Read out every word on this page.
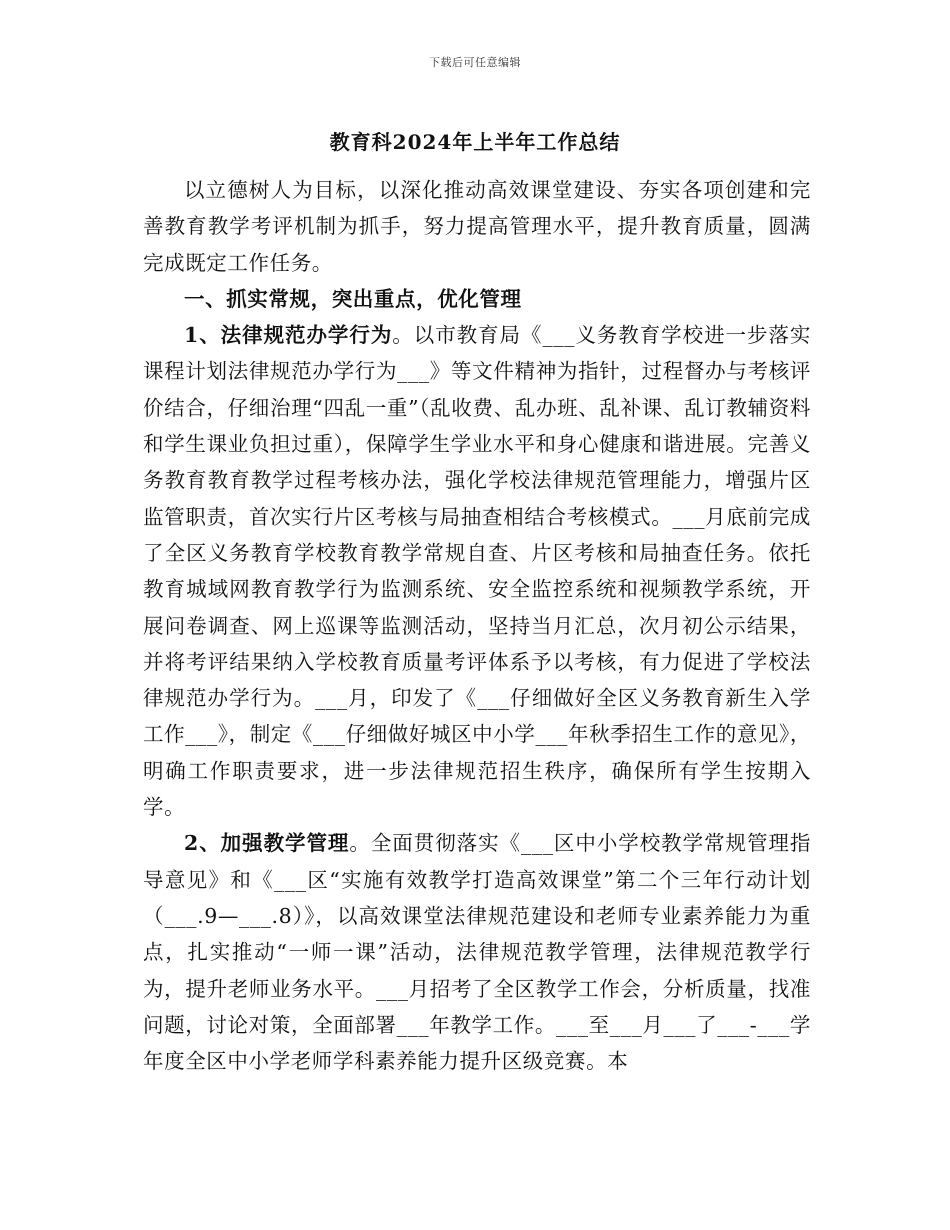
下载后可任意编辑
教育科2024年上半年工作总结

以立德树人为目标，以深化推动高效课堂建设、夯实各项创建和完善教育教学考评机制为抓手，努力提高管理水平，提升教育质量，圆满完成既定工作任务。

一、抓实常规，突出重点，优化管理

1、法律规范办学行为。以市教育局《___义务教育学校进一步落实课程计划法律规范办学行为___》等文件精神为指针，过程督办与考核评价结合，仔细治理“四乱一重”（乱收费、乱办班、乱补课、乱订教辅资料和学生课业负担过重），保障学生学业水平和身心健康和谐进展。完善义务教育教育教学过程考核办法，强化学校法律规范管理能力，增强片区监管职责，首次实行片区考核与局抽查相结合考核模式。___月底前完成了全区义务教育学校教育教学常规自查、片区考核和局抽查任务。依托教育城域网教育教学行为监测系统、安全监控系统和视频教学系统，开展问卷调查、网上巡课等监测活动，坚持当月汇总，次月初公示结果，并将考评结果纳入学校教育质量考评体系予以考核，有力促进了学校法律规范办学行为。___月，印发了《___仔细做好全区义务教育新生入学工作___》，制定《___仔细做好城区中小学___年秋季招生工作的意见》，明确工作职责要求，进一步法律规范招生秩序，确保所有学生按期入学。

2、加强教学管理。全面贯彻落实《___区中小学校教学常规管理指导意见》和《___区“实施有效教学打造高效课堂”第二个三年行动计划（___.9—___.8）》，以高效课堂法律规范建设和老师专业素养能力为重点，扎实推动“一师一课”活动，法律规范教学管理，法律规范教学行为，提升老师业务水平。___月招考了全区教学工作会，分析质量，找准问题，讨论对策，全面部署___年教学工作。___至___月___了___-___学年度全区中小学老师学科素养能力提升区级竞赛。本
